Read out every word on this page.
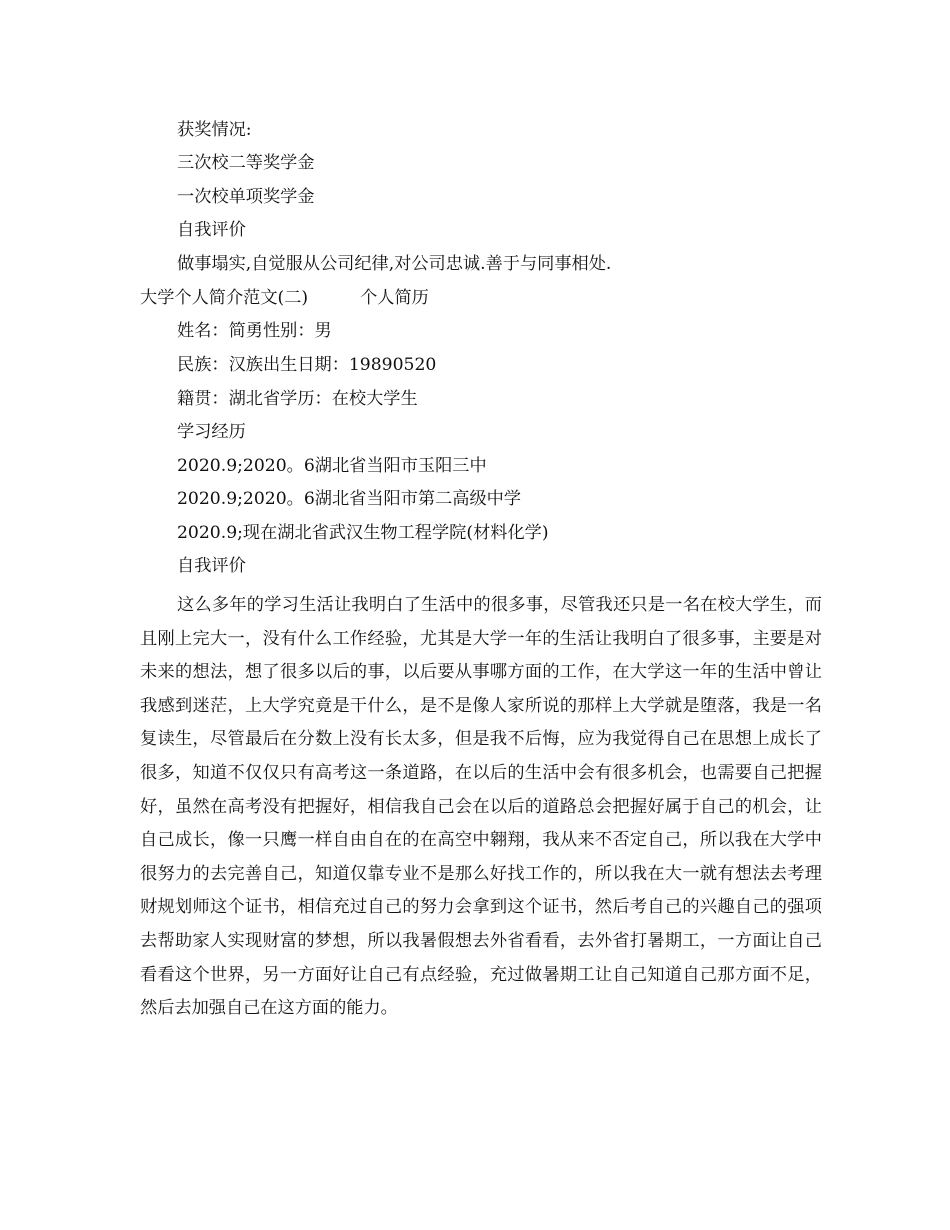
获奖情况:
三次校二等奖学金
一次校单项奖学金
自我评价
做事塌实,自觉服从公司纪律,对公司忠诚.善于与同事相处.
大学个人简介范文(二)	个人简历
姓名：简勇性别：男
民族：汉族出生日期：19890520
籍贯：湖北省学历：在校大学生
学习经历
2020.9;2020。6湖北省当阳市玉阳三中
2020.9;2020。6湖北省当阳市第二高级中学
2020.9;现在湖北省武汉生物工程学院(材料化学)
自我评价
这么多年的学习生活让我明白了生活中的很多事，尽管我还只是一名在校大学生，而且刚上完大一，没有什么工作经验，尤其是大学一年的生活让我明白了很多事，主要是对未来的想法，想了很多以后的事，以后要从事哪方面的工作，在大学这一年的生活中曾让我感到迷茫，上大学究竟是干什么，是不是像人家所说的那样上大学就是堕落，我是一名复读生，尽管最后在分数上没有长太多，但是我不后悔，应为我觉得自己在思想上成长了很多，知道不仅仅只有高考这一条道路，在以后的生活中会有很多机会，也需要自己把握好，虽然在高考没有把握好，相信我自己会在以后的道路总会把握好属于自己的机会，让自己成长，像一只鹰一样自由自在的在高空中翱翔，我从来不否定自己，所以我在大学中很努力的去完善自己，知道仅靠专业不是那么好找工作的，所以我在大一就有想法去考理财规划师这个证书，相信充过自己的努力会拿到这个证书，然后考自己的兴趣自己的强项去帮助家人实现财富的梦想，所以我暑假想去外省看看，去外省打暑期工，一方面让自己看看这个世界，另一方面好让自己有点经验，充过做暑期工让自己知道自己那方面不足，然后去加强自己在这方面的能力。
